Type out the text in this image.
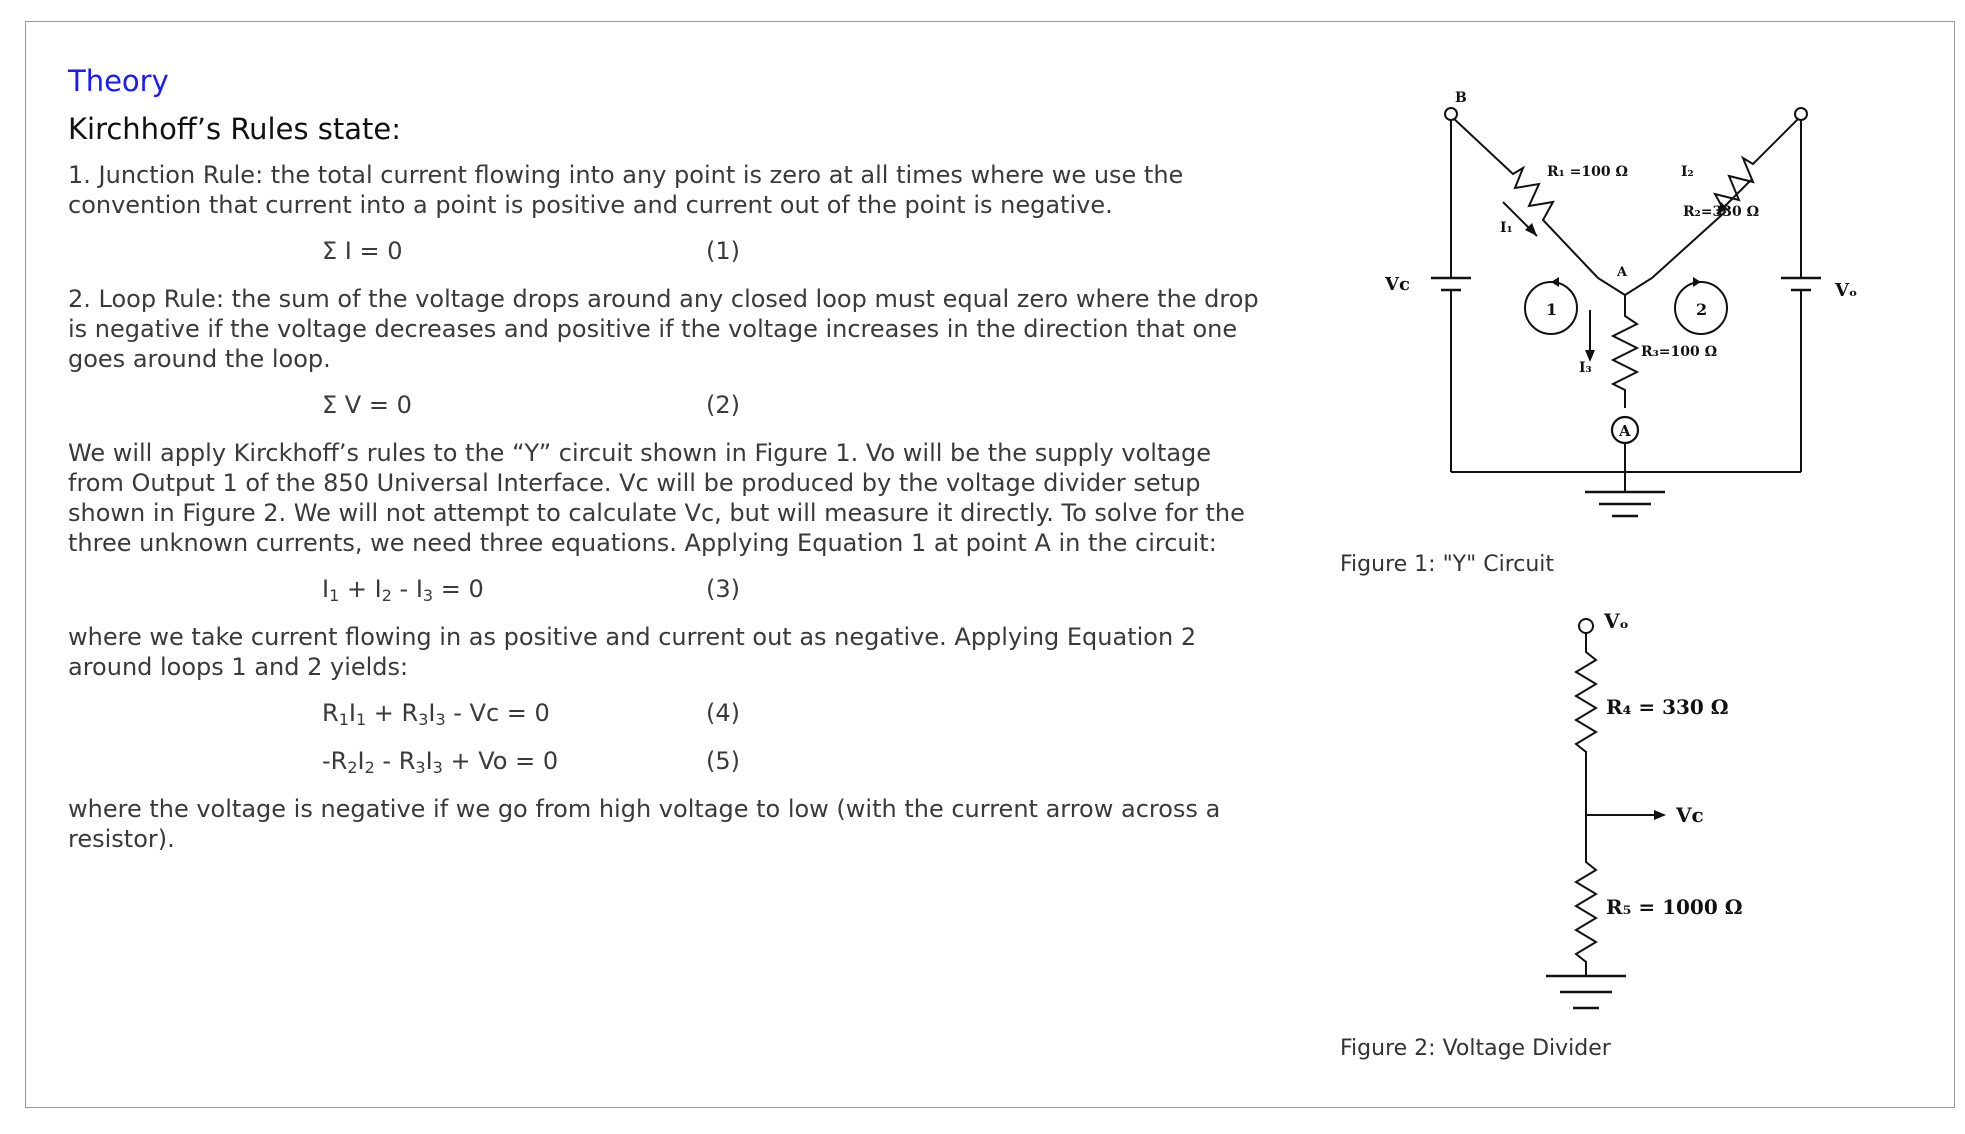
Theory
Kirchhoff’s Rules state:

1. Junction Rule: the total current flowing into any point is zero at all times where we use the convention that current into a point is positive and current out of the point is negative.

Σ I = 0	(1)

2. Loop Rule: the sum of the voltage drops around any closed loop must equal zero where the drop is negative if the voltage decreases and positive if the voltage increases in the direction that one goes around the loop.

Σ V = 0	(2)

We will apply Kirckhoff’s rules to the “Y” circuit shown in Figure 1. Vo will be the supply voltage from Output 1 of the 850 Universal Interface. Vc will be produced by the voltage divider setup shown in Figure 2. We will not attempt to calculate Vc, but will measure it directly. To solve for the three unknown currents, we need three equations. Applying Equation 1 at point A in the circuit:

$I_1 + I_2 - I_3 = 0$	(3)

where we take current flowing in as positive and current out as negative. Applying Equation 2 around loops 1 and 2 yields:

$R_1I_1 + R_3I_3 - Vc = 0$	(4)
$-R_2I_2 - R_3I_3 + Vo = 0$	(5)

where the voltage is negative if we go from high voltage to low (with the current arrow across a resistor).

B
A
R₁ =100 Ω
R₂=330 Ω
R₃=100 Ω
I₁
I₂
I₃
Vc	Vₒ
1	2
A
Figure 1: "Y" Circuit
Vₒ
R₄ = 330 Ω
Vc
R₅ = 1000 Ω
Figure 2: Voltage Divider
